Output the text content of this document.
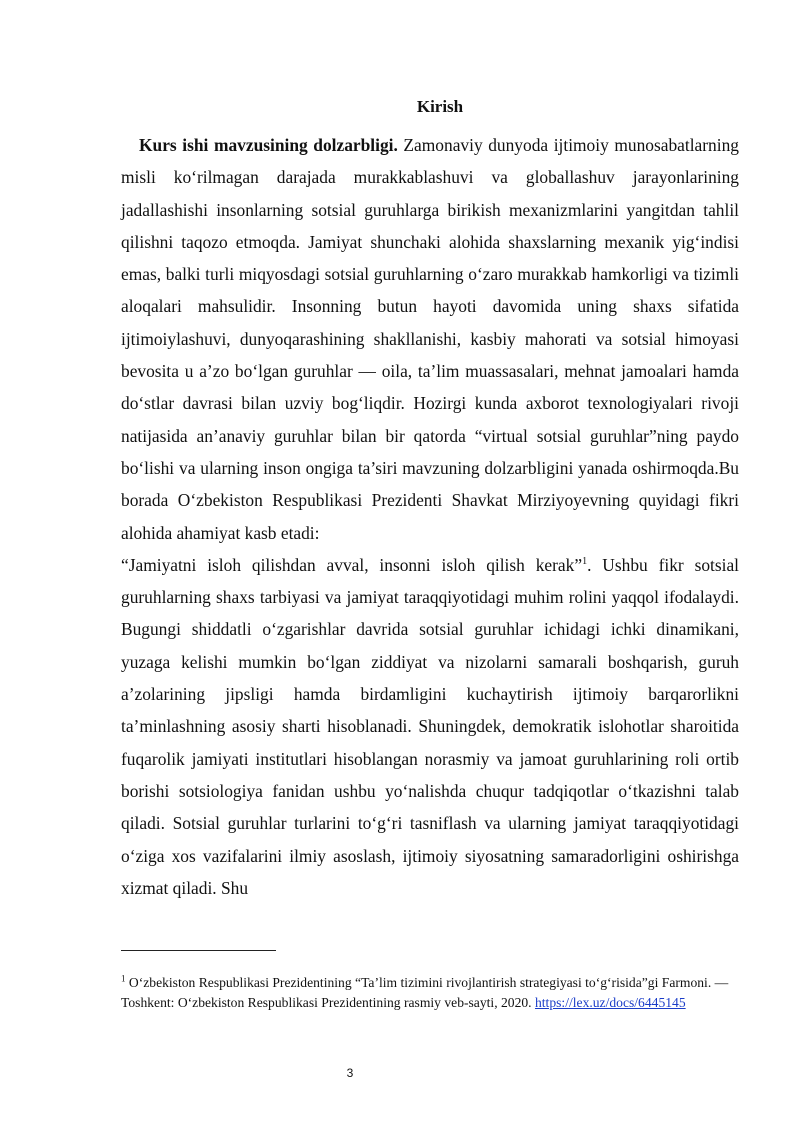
Kirish

Kurs ishi mavzusining dolzarbligi. Zamonaviy dunyoda ijtimoiy munosabatlarning misli ko‘rilmagan darajada murakkablashuvi va globallashuv jarayonlarining jadallashishi insonlarning sotsial guruhlarga birikish mexanizmlarini yangitdan tahlil qilishni taqozo etmoqda. Jamiyat shunchaki alohida shaxslarning mexanik yig‘indisi emas, balki turli miqyosdagi sotsial guruhlarning o‘zaro murakkab hamkorligi va tizimli aloqalari mahsulidir. Insonning butun hayoti davomida uning shaxs sifatida ijtimoiylashuvi, dunyoqarashining shakllanishi, kasbiy mahorati va sotsial himoyasi bevosita u a’zo bo‘lgan guruhlar — oila, ta’lim muassasalari, mehnat jamoalari hamda do‘stlar davrasi bilan uzviy bog‘liqdir. Hozirgi kunda axborot texnologiyalari rivoji natijasida an’anaviy guruhlar bilan bir qatorda “virtual sotsial guruhlar”ning paydo bo‘lishi va ularning inson ongiga ta’siri mavzuning dolzarbligini yanada oshirmoqda.Bu borada O‘zbekiston Respublikasi Prezidenti Shavkat Mirziyoyevning quyidagi fikri alohida ahamiyat kasb etadi:

“Jamiyatni isloh qilishdan avval, insonni isloh qilish kerak”$^1$. Ushbu fikr sotsial guruhlarning shaxs tarbiyasi va jamiyat taraqqiyotidagi muhim rolini yaqqol ifodalaydi. Bugungi shiddatli o‘zgarishlar davrida sotsial guruhlar ichidagi ichki dinamikani, yuzaga kelishi mumkin bo‘lgan ziddiyat va nizolarni samarali boshqarish, guruh a’zolarining jipsligi hamda birdamligini kuchaytirish ijtimoiy barqarorlikni ta’minlashning asosiy sharti hisoblanadi. Shuningdek, demokratik islohotlar sharoitida fuqarolik jamiyati institutlari hisoblangan norasmiy va jamoat guruhlarining roli ortib borishi sotsiologiya fanidan ushbu yo‘nalishda chuqur tadqiqotlar o‘tkazishni talab qiladi. Sotsial guruhlar turlarini to‘g‘ri tasniflash va ularning jamiyat taraqqiyotidagi o‘ziga xos vazifalarini ilmiy asoslash, ijtimoiy siyosatning samaradorligini oshirishga xizmat qiladi. Shu

$^1$ O‘zbekiston Respublikasi Prezidentining “Ta’lim tizimini rivojlantirish strategiyasi to‘g‘risida”gi Farmoni. — Toshkent: O‘zbekiston Respublikasi Prezidentining rasmiy veb-sayti, 2020. https://lex.uz/docs/6445145

3
